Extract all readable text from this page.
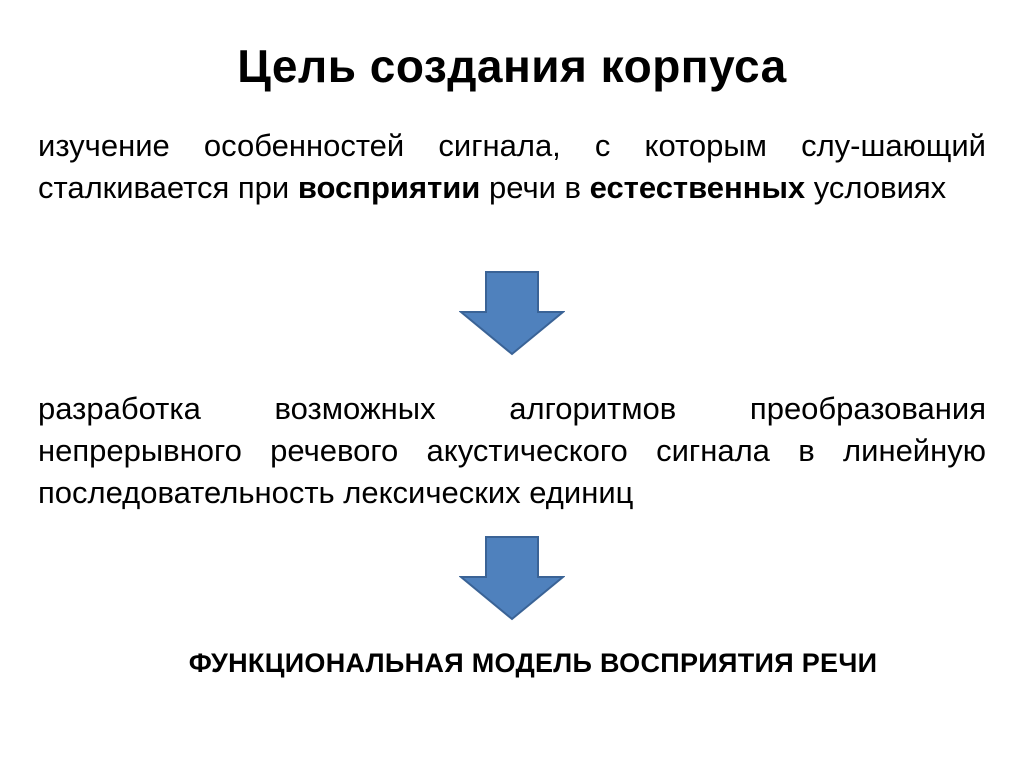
Цель создания корпуса
изучение особенностей сигнала, с которым слу-шающий сталкивается при восприятии речи в естественных условиях
разработка возможных алгоритмов преобразования непрерывного речевого акустического сигнала в линейную последовательность лексических единиц
ФУНКЦИОНАЛЬНАЯ МОДЕЛЬ ВОСПРИЯТИЯ РЕЧИ
